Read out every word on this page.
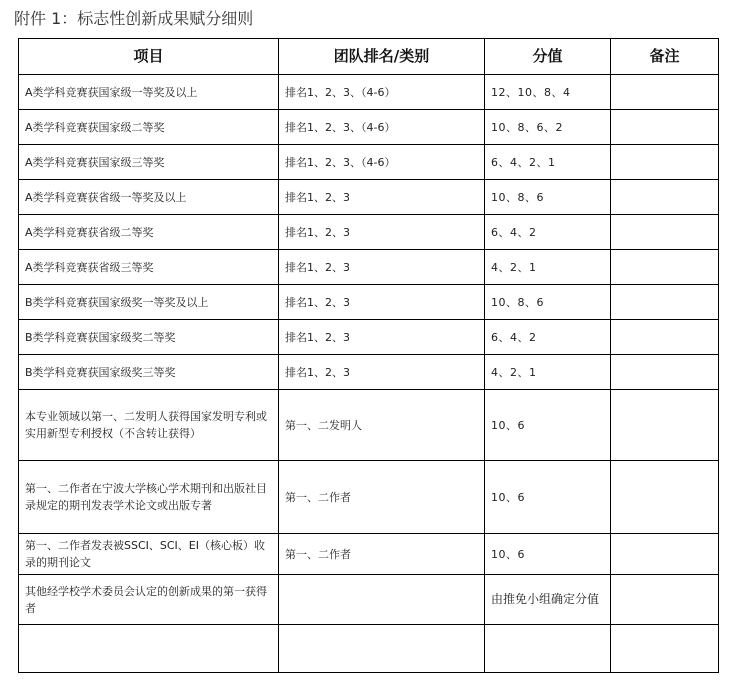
附件 1：标志性创新成果赋分细则
项目	团队排名/类别	分值	备注
A类学科竞赛获国家级一等奖及以上	排名1、2、3、（4-6）	12、10、8、4	
A类学科竞赛获国家级二等奖	排名1、2、3、（4-6）	10、8、6、2	
A类学科竞赛获国家级三等奖	排名1、2、3、（4-6）	6、4、2、1	
A类学科竞赛获省级一等奖及以上	排名1、2、3	10、8、6	
A类学科竞赛获省级二等奖	排名1、2、3	6、4、2	
A类学科竞赛获省级三等奖	排名1、2、3	4、2、1	
B类学科竞赛获国家级奖一等奖及以上	排名1、2、3	10、8、6	
B类学科竞赛获国家级奖二等奖	排名1、2、3	6、4、2	
B类学科竞赛获国家级奖三等奖	排名1、2、3	4、2、1	
本专业领域以第一、二发明人获得国家发明专利或实用新型专利授权（不含转让获得）	第一、二发明人	10、6	
第一、二作者在宁波大学核心学术期刊和出版社目录规定的期刊发表学术论文或出版专著	第一、二作者	10、6	
第一、二作者发表被SSCI、SCI、EI（核心板）收录的期刊论文	第一、二作者	10、6	
其他经学校学术委员会认定的创新成果的第一获得者		由推免小组确定分值	
